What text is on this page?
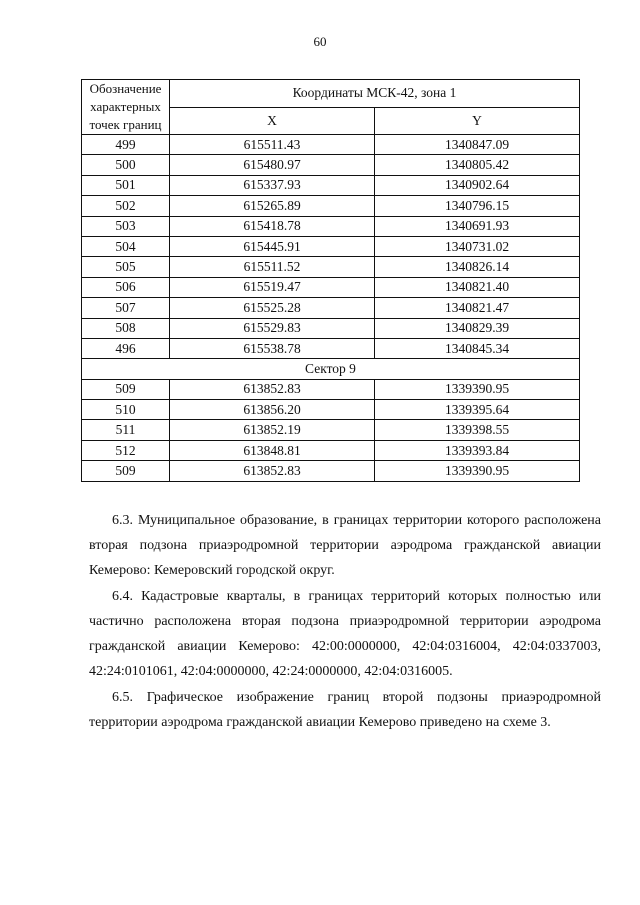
60
Обозначение характерных точек границ	Координаты МСК-42, зона 1	
	X	Y
499	615511.43	1340847.09
500	615480.97	1340805.42
501	615337.93	1340902.64
502	615265.89	1340796.15
503	615418.78	1340691.93
504	615445.91	1340731.02
505	615511.52	1340826.14
506	615519.47	1340821.40
507	615525.28	1340821.47
508	615529.83	1340829.39
496	615538.78	1340845.34
Сектор 9		
509	613852.83	1339390.95
510	613856.20	1339395.64
511	613852.19	1339398.55
512	613848.81	1339393.84
509	613852.83	1339390.95

6.3. Муниципальное образование, в границах территории которого расположена вторая подзона приаэродромной территории аэродрома гражданской авиации Кемерово: Кемеровский городской округ.

6.4. Кадастровые кварталы, в границах территорий которых полностью или частично расположена вторая подзона приаэродромной территории аэродрома гражданской авиации Кемерово: 42:00:0000000, 42:04:0316004, 42:04:0337003, 42:24:0101061, 42:04:0000000, 42:24:0000000, 42:04:0316005.

6.5. Графическое изображение границ второй подзоны приаэродромной территории аэродрома гражданской авиации Кемерово приведено на схеме 3.
